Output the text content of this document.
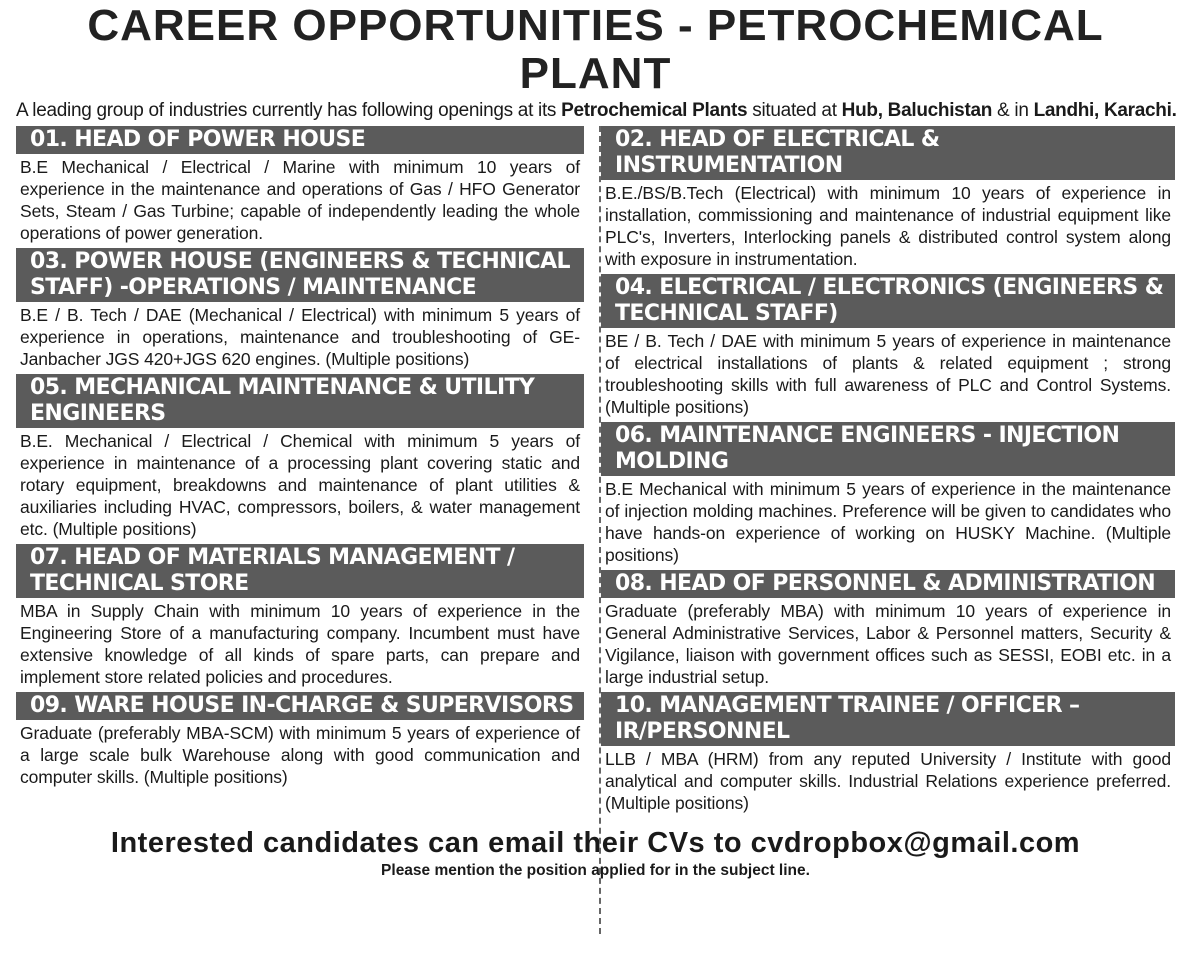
CAREER OPPORTUNITIES - PETROCHEMICAL PLANT
A leading group of industries currently has following openings at its Petrochemical Plants situated at Hub, Baluchistan & in Landhi, Karachi.
01. HEAD OF POWER HOUSE
B.E Mechanical / Electrical / Marine with minimum 10 years of experience in the maintenance and operations of Gas / HFO Generator Sets, Steam / Gas Turbine; capable of independently leading the whole operations of power generation.
03. POWER HOUSE (ENGINEERS & TECHNICAL
STAFF) -OPERATIONS / MAINTENANCE
B.E / B. Tech / DAE (Mechanical / Electrical) with minimum 5 years of experience in operations, maintenance and troubleshooting of GE-Janbacher JGS 420+JGS 620 engines. (Multiple positions)
05. MECHANICAL MAINTENANCE & UTILITY
ENGINEERS
B.E. Mechanical / Electrical / Chemical with minimum 5 years of experience in maintenance of a processing plant covering static and rotary equipment, breakdowns and maintenance of plant utilities & auxiliaries including HVAC, compressors, boilers, & water management etc. (Multiple positions)
07. HEAD OF MATERIALS MANAGEMENT /
TECHNICAL STORE
MBA in Supply Chain with minimum 10 years of experience in the Engineering Store of a manufacturing company. Incumbent must have extensive knowledge of all kinds of spare parts, can prepare and implement store related policies and procedures.
09. WARE HOUSE IN-CHARGE & SUPERVISORS
Graduate (preferably MBA-SCM) with minimum 5 years of experience of a large scale bulk Warehouse along with good communication and computer skills. (Multiple positions)
02. HEAD OF ELECTRICAL & INSTRUMENTATION
B.E./BS/B.Tech (Electrical) with minimum 10 years of experience in installation, commissioning and maintenance of industrial equipment like PLC's, Inverters, Interlocking panels & distributed control system along with exposure in instrumentation.
04. ELECTRICAL / ELECTRONICS (ENGINEERS &
TECHNICAL STAFF)
BE / B. Tech / DAE with minimum 5 years of experience in maintenance of electrical installations of plants & related equipment ; strong troubleshooting skills with full awareness of PLC and Control Systems. (Multiple positions)
06. MAINTENANCE ENGINEERS - INJECTION
MOLDING
B.E Mechanical with minimum 5 years of experience in the maintenance of injection molding machines. Preference will be given to candidates who have hands-on experience of working on HUSKY Machine. (Multiple positions)
08. HEAD OF PERSONNEL & ADMINISTRATION
Graduate (preferably MBA) with minimum 10 years of experience in General Administrative Services, Labor & Personnel matters, Security & Vigilance, liaison with government offices such as SESSI, EOBI etc. in a large industrial setup.
10. MANAGEMENT TRAINEE / OFFICER –
IR/PERSONNEL
LLB / MBA (HRM) from any reputed University / Institute with good analytical and computer skills. Industrial Relations experience preferred. (Multiple positions)
Interested candidates can email their CVs to cvdropbox@gmail.com
Please mention the position applied for in the subject line.
